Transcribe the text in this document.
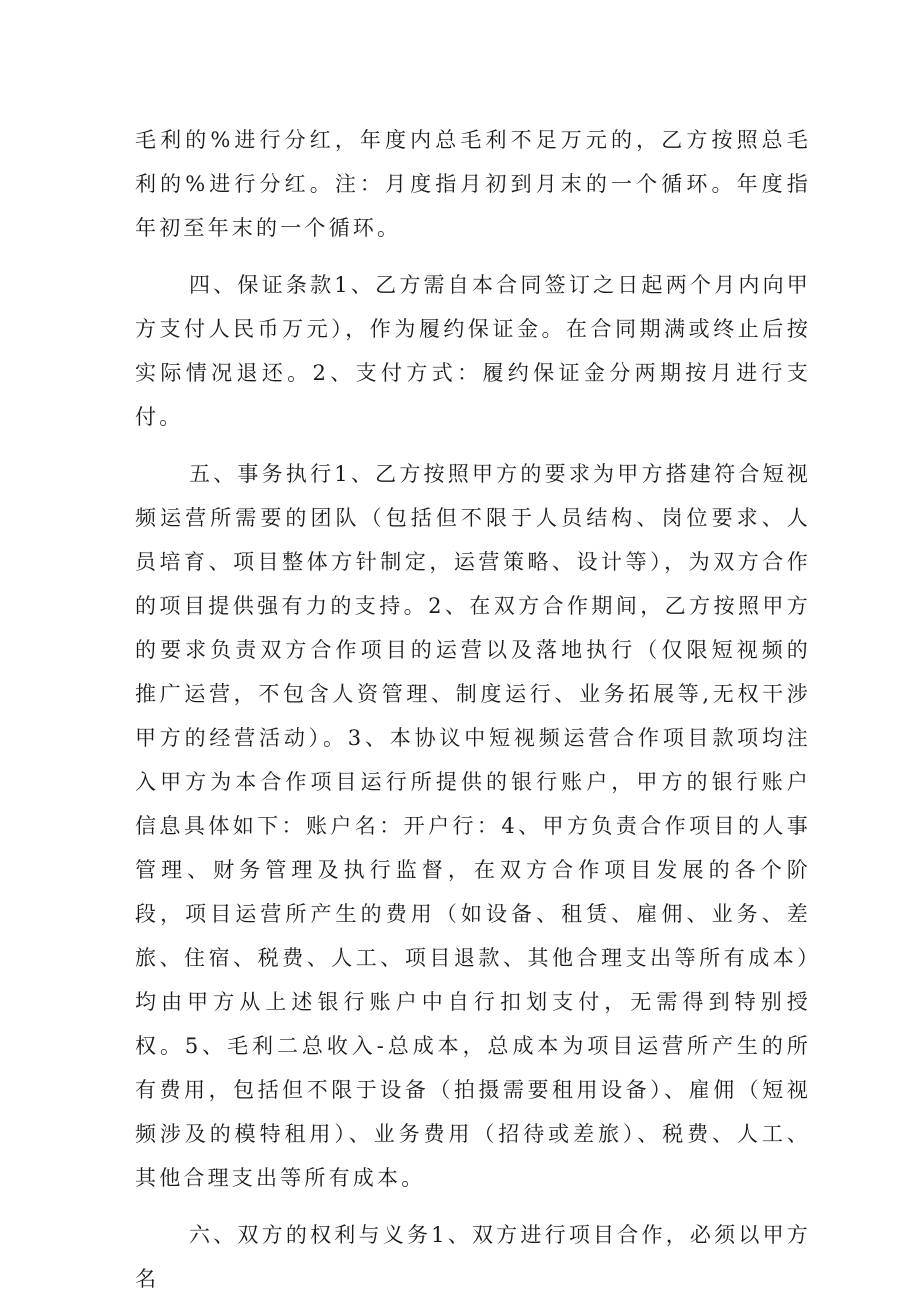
毛利的%进行分红，年度内总毛利不足万元的，乙方按照总毛利的%进行分红。注：月度指月初到月末的一个循环。年度指年初至年末的一个循环。

四、保证条款1、乙方需自本合同签订之日起两个月内向甲方支付人民币万元），作为履约保证金。在合同期满或终止后按实际情况退还。2、支付方式：履约保证金分两期按月进行支付。

五、事务执行1、乙方按照甲方的要求为甲方搭建符合短视频运营所需要的团队（包括但不限于人员结构、岗位要求、人员培育、项目整体方针制定，运营策略、设计等），为双方合作的项目提供强有力的支持。2、在双方合作期间，乙方按照甲方的要求负责双方合作项目的运营以及落地执行（仅限短视频的推广运营，不包含人资管理、制度运行、业务拓展等,无权干涉甲方的经营活动）。3、本协议中短视频运营合作项目款项均注入甲方为本合作项目运行所提供的银行账户，甲方的银行账户信息具体如下：账户名：开户行：4、甲方负责合作项目的人事管理、财务管理及执行监督，在双方合作项目发展的各个阶段，项目运营所产生的费用（如设备、租赁、雇佣、业务、差旅、住宿、税费、人工、项目退款、其他合理支出等所有成本）均由甲方从上述银行账户中自行扣划支付，无需得到特别授权。5、毛利二总收入-总成本，总成本为项目运营所产生的所有费用，包括但不限于设备（拍摄需要租用设备）、雇佣（短视频涉及的模特租用）、业务费用（招待或差旅）、税费、人工、其他合理支出等所有成本。

六、双方的权利与义务1、双方进行项目合作，必须以甲方名
